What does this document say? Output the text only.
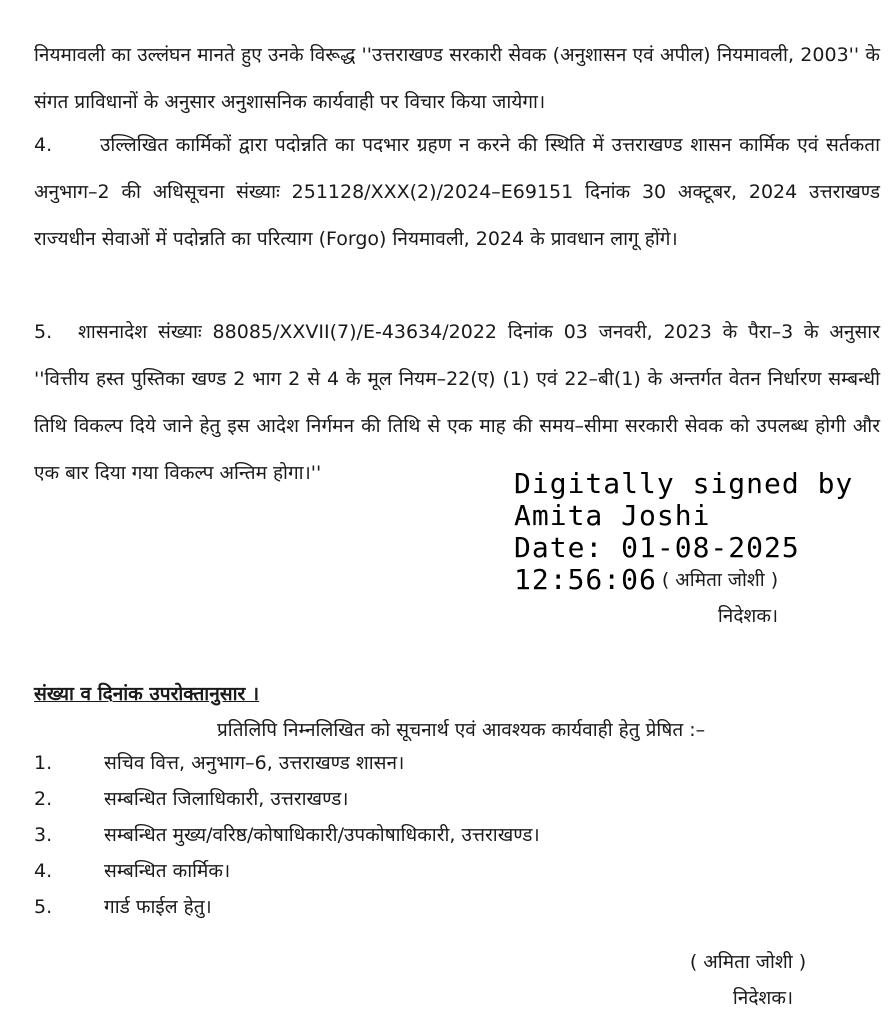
नियमावली का उल्लंघन मानते हुए उनके विरूद्ध ''उत्तराखण्ड सरकारी सेवक (अनुशासन एवं अपील) नियमावली, 2003'' के संगत प्राविधानों के अनुसार अनुशासनिक कार्यवाही पर विचार किया जायेगा।

4.	उल्लिखित कार्मिकों द्वारा पदोन्नति का पदभार ग्रहण न करने की स्थिति में उत्तराखण्ड शासन कार्मिक एवं सर्तकता अनुभाग–2 की अधिसूचना संख्याः 251128/XXX(2)/2024–E69151 दिनांक 30 अक्टूबर, 2024 उत्तराखण्ड राज्यधीन सेवाओं में पदोन्नति का परित्याग (Forgo) नियमावली, 2024 के प्रावधान लागू होंगे।

5. शासनादेश संख्याः 88085/XXVII(7)/E-43634/2022 दिनांक 03 जनवरी, 2023 के पैरा–3 के अनुसार ''वित्तीय हस्त पुस्तिका खण्ड 2 भाग 2 से 4 के मूल नियम–22(ए) (1) एवं 22–बी(1) के अन्तर्गत वेतन निर्धारण सम्बन्धी तिथि विकल्प दिये जाने हेतु इस आदेश निर्गमन की तिथि से एक माह की समय–सीमा सरकारी सेवक को उपलब्ध होगी और एक बार दिया गया विकल्प अन्तिम होगा।''

( अमिता जोशी )
निदेशक।
Digitally signed by
Amita Joshi
Date: 01-08-2025
12:56:06
संख्या व दिनांक उपरोक्तानुसार ।
प्रतिलिपि निम्नलिखित को सूचनार्थ एवं आवश्यक कार्यवाही हेतु प्रेषित :–
1.	सचिव वित्त, अनुभाग–6, उत्तराखण्ड शासन।
2.	सम्बन्धित जिलाधिकारी, उत्तराखण्ड।
3.	सम्बन्धित मुख्य/वरिष्ठ/कोषाधिकारी/उपकोषाधिकारी, उत्तराखण्ड।
4.	सम्बन्धित कार्मिक।
5.	गार्ड फाईल हेतु।
( अमिता जोशी )
निदेशक।
